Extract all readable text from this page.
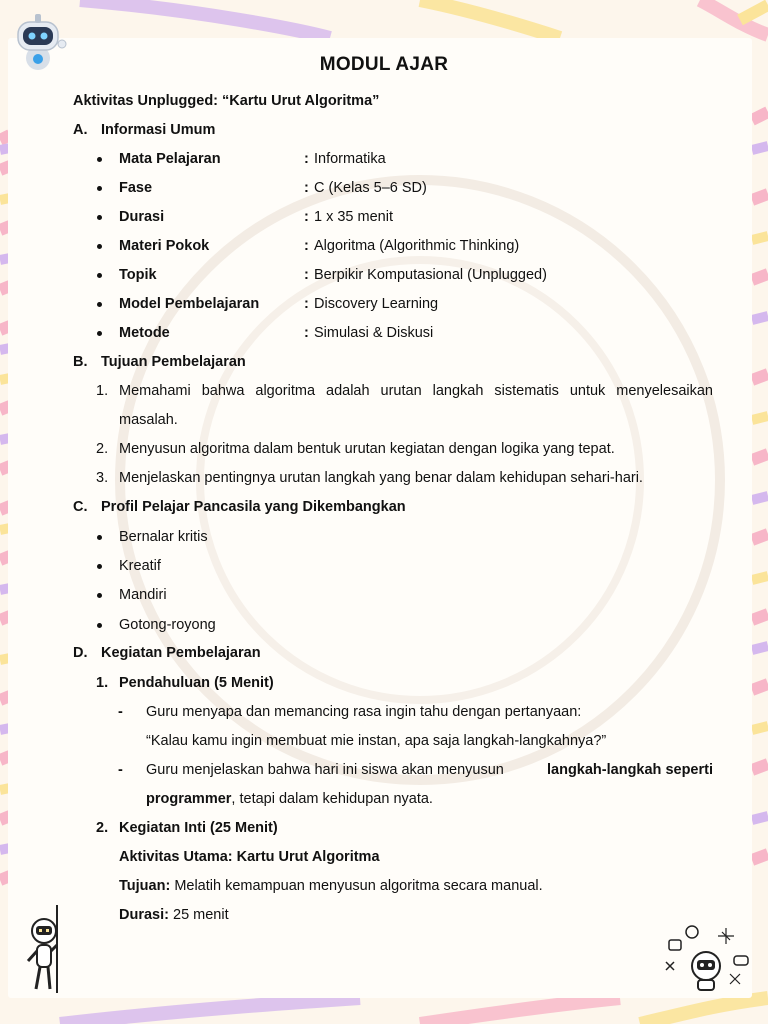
MODUL AJAR
Aktivitas Unplugged: “Kartu Urut Algoritma”
A. Informasi Umum
Mata Pelajaran	: Informatika
Fase	: C (Kelas 5–6 SD)
Durasi	: 1 x 35 menit
Materi Pokok	: Algoritma (Algorithmic Thinking)
Topik	: Berpikir Komputasional (Unplugged)
Model Pembelajaran	: Discovery Learning
Metode	: Simulasi & Diskusi
B. Tujuan Pembelajaran
1. Memahami bahwa algoritma adalah urutan langkah sistematis untuk menyelesaikan
masalah.
2. Menyusun algoritma dalam bentuk urutan kegiatan dengan logika yang tepat.
3. Menjelaskan pentingnya urutan langkah yang benar dalam kehidupan sehari-hari.
C. Profil Pelajar Pancasila yang Dikembangkan
Bernalar kritis
Kreatif
Mandiri
Gotong-royong
D. Kegiatan Pembelajaran
1. Pendahuluan (5 Menit)
- Guru menyapa dan memancing rasa ingin tahu dengan pertanyaan:
“Kalau kamu ingin membuat mie instan, apa saja langkah-langkahnya?”
- Guru menjelaskan bahwa hari ini siswa akan menyusun	langkah-langkah seperti
programmer, tetapi dalam kehidupan nyata.
2. Kegiatan Inti (25 Menit)
Aktivitas Utama: Kartu Urut Algoritma
Tujuan: Melatih kemampuan menyusun algoritma secara manual.
Durasi: 25 menit
